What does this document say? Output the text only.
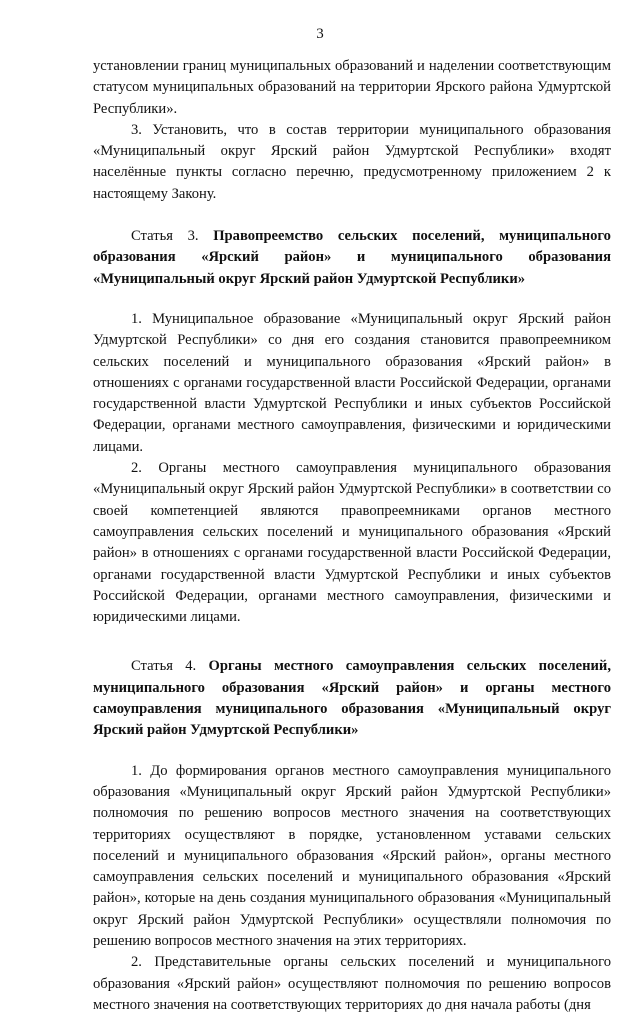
3

установлении границ муниципальных образований и наделении соответствующим статусом муниципальных образований на территории Ярского района Удмуртской Республики».

3. Установить, что в состав территории муниципального образования «Муниципальный округ Ярский район Удмуртской Республики» входят населённые пункты согласно перечню, предусмотренному приложением 2 к настоящему Закону.

Статья 3. Правопреемство сельских поселений, муниципального образования «Ярский район» и муниципального образования «Муниципальный округ Ярский район Удмуртской Республики»

1. Муниципальное образование «Муниципальный округ Ярский район Удмуртской Республики» со дня его создания становится правопреемником сельских поселений и муниципального образования «Ярский район» в отношениях с органами государственной власти Российской Федерации, органами государственной власти Удмуртской Республики и иных субъектов Российской Федерации, органами местного самоуправления, физическими и юридическими лицами.

2. Органы местного самоуправления муниципального образования «Муниципальный округ Ярский район Удмуртской Республики» в соответствии со своей компетенцией являются правопреемниками органов местного самоуправления сельских поселений и муниципального образования «Ярский район» в отношениях с органами государственной власти Российской Федерации, органами государственной власти Удмуртской Республики и иных субъектов Российской Федерации, органами местного самоуправления, физическими и юридическими лицами.

Статья 4. Органы местного самоуправления сельских поселений, муниципального образования «Ярский район» и органы местного самоуправления муниципального образования «Муниципальный округ Ярский район Удмуртской Республики»

1. До формирования органов местного самоуправления муниципального образования «Муниципальный округ Ярский район Удмуртской Республики» полномочия по решению вопросов местного значения на соответствующих территориях осуществляют в порядке, установленном уставами сельских поселений и муниципального образования «Ярский район», органы местного самоуправления сельских поселений и муниципального образования «Ярский район», которые на день создания муниципального образования «Муниципальный округ Ярский район Удмуртской Республики» осуществляли полномочия по решению вопросов местного значения на этих территориях.

2. Представительные органы сельских поселений и муниципального образования «Ярский район» осуществляют полномочия по решению вопросов местного значения на соответствующих территориях до дня начала работы (дня
